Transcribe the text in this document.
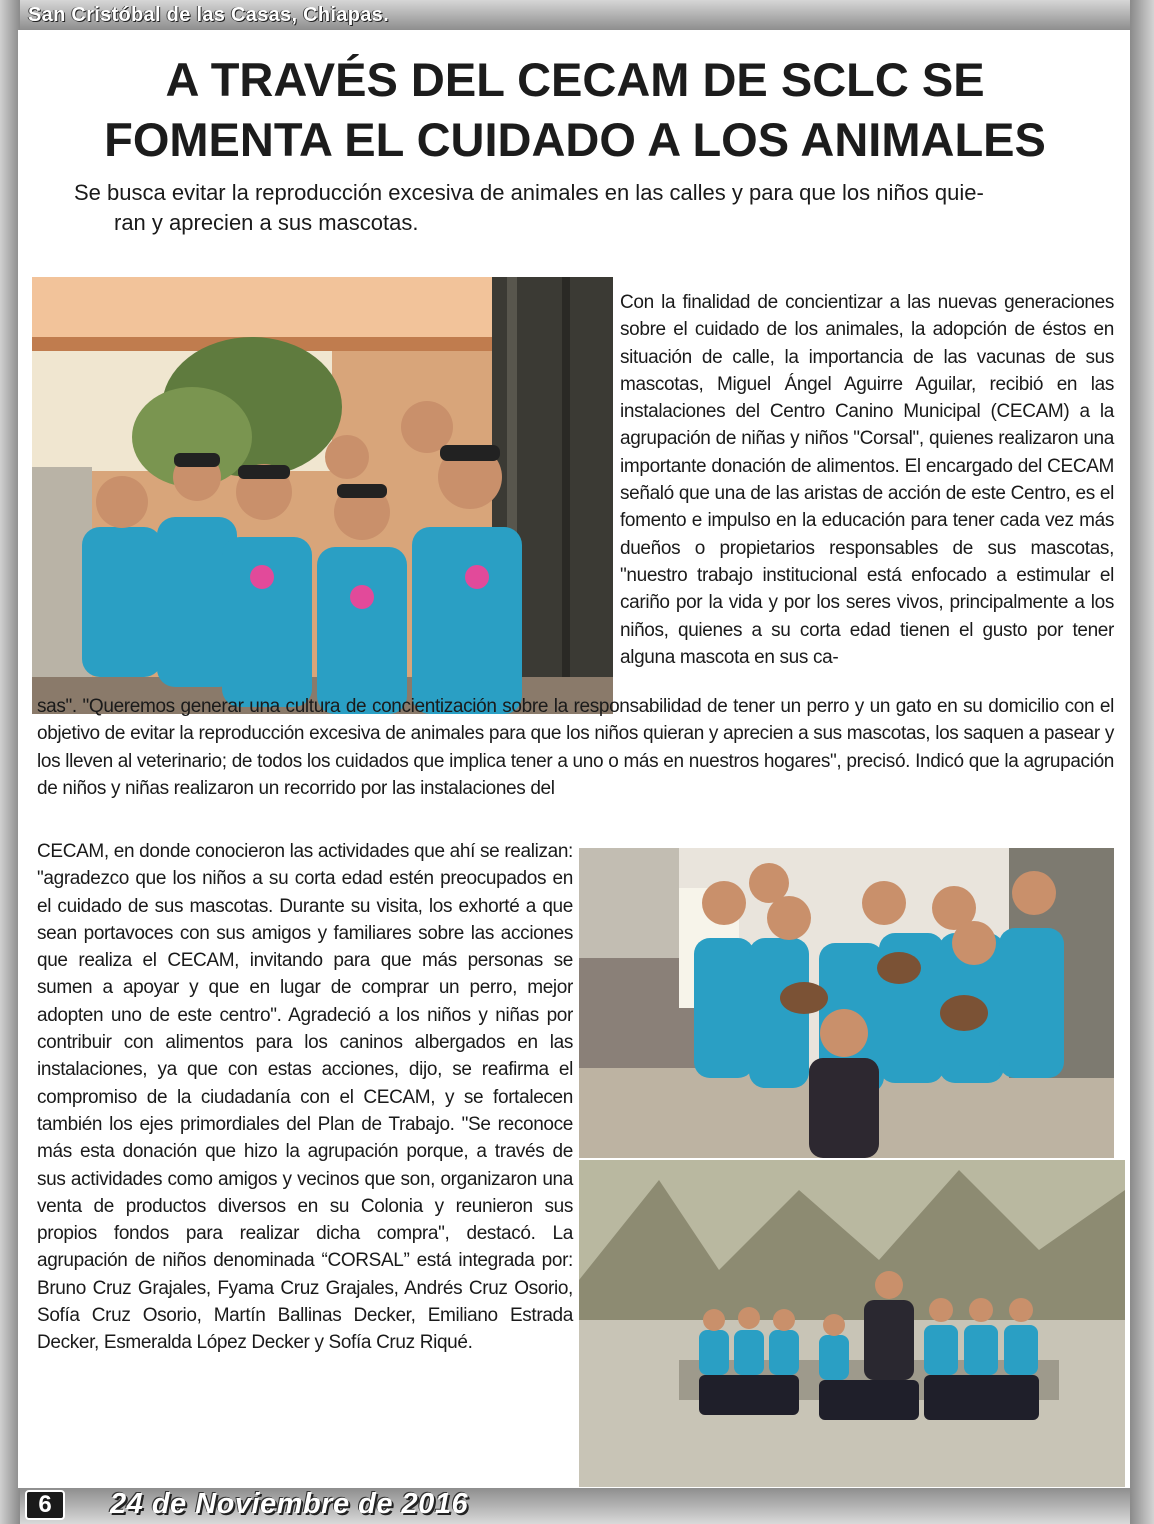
San Cristóbal de las Casas, Chiapas.
A TRAVÉS DEL CECAM DE SCLC SE
FOMENTA EL CUIDADO A LOS ANIMALES
Se busca evitar la reproducción excesiva de animales en las calles y para que los niños quie-
ran y aprecien a sus mascotas.
Con la finalidad de concientizar a las nuevas generaciones sobre el cuidado de los animales, la adopción de éstos en situación de calle, la importancia de las vacunas de sus mascotas, Miguel Ángel Aguirre Aguilar, recibió en las instalaciones del Centro Canino Municipal (CECAM) a la agrupación de niñas y niños "Corsal", quienes realizaron una importante donación de alimentos. El encargado del CECAM señaló que una de las aristas de acción de este Centro, es el fomento e impulso en la educación para tener cada vez más dueños o propietarios responsables de sus mascotas, "nuestro trabajo institucional está enfocado a estimular el cariño por la vida y por los seres vivos, principalmente a los niños, quienes a su corta edad tienen el gusto por tener alguna mascota en sus ca-
sas". "Queremos generar una cultura de concientización sobre la responsabilidad de tener un perro y un gato en su domicilio con el objetivo de evitar la reproducción excesiva de animales para que los niños quieran y aprecien a sus mascotas, los saquen a pasear y los lleven al veterinario; de todos los cuidados que implica tener a uno o más en nuestros hogares", precisó. Indicó que la agrupación de niños y niñas realizaron un recorrido por las instalaciones del
CECAM, en donde conocieron las actividades que ahí se realizan: "agradezco que los niños a su corta edad estén preocupados en el cuidado de sus mascotas. Durante su visita, los exhorté a que sean portavoces con sus amigos y familiares sobre las acciones que realiza el CECAM, invitando para que más personas se sumen a apoyar y que en lugar de comprar un perro, mejor adopten uno de este centro". Agradeció a los niños y niñas por contribuir con alimentos para los caninos albergados en las instalaciones, ya que con estas acciones, dijo, se reafirma el compromiso de la ciudadanía con el CECAM, y se fortalecen también los ejes primordiales del Plan de Trabajo. "Se reconoce más esta donación que hizo la agrupación porque, a través de sus actividades como amigos y vecinos que son, organizaron una venta de productos diversos en su Colonia y reunieron sus propios fondos para realizar dicha compra", destacó. La agrupación de niños denominada “CORSAL” está integrada por: Bruno Cruz Grajales, Fyama Cruz Grajales, Andrés Cruz Osorio, Sofía Cruz Osorio, Martín Ballinas Decker, Emiliano Estrada Decker, Esmeralda López Decker y Sofía Cruz Riqué.
6	24 de Noviembre de 2016
